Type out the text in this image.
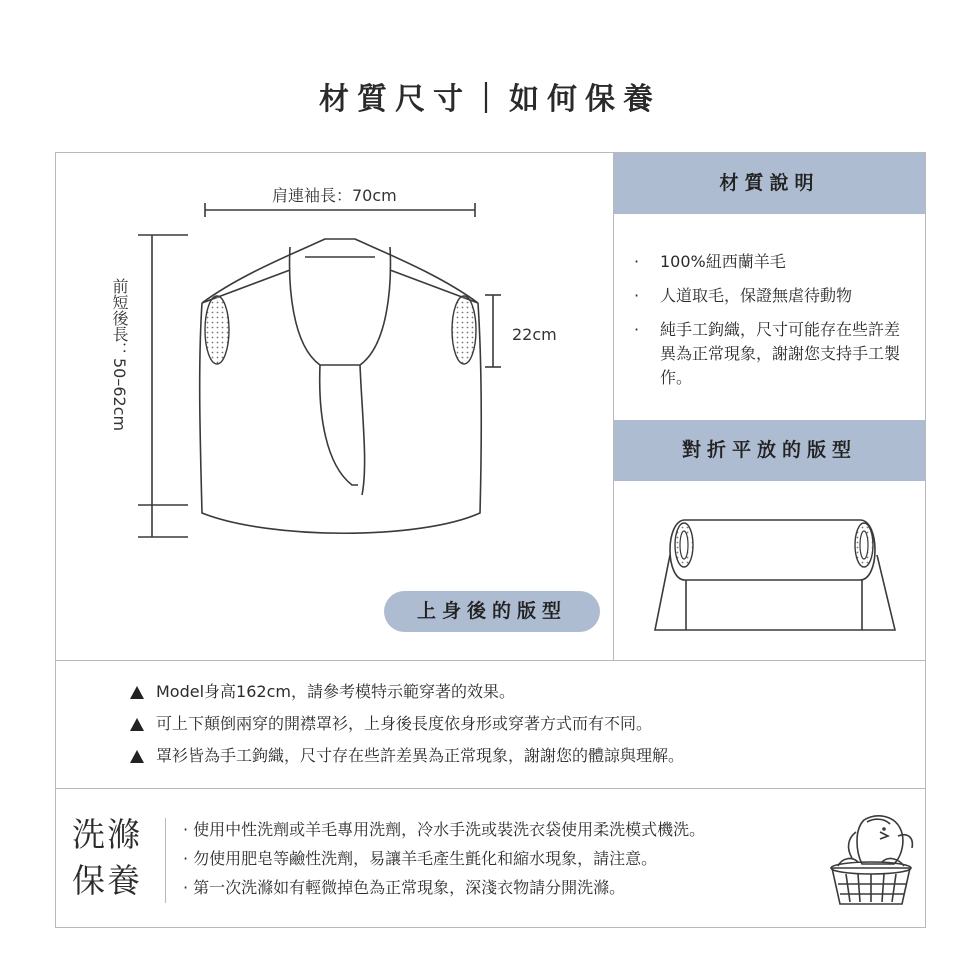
材質尺寸｜如何保養
肩連袖長：70cm
22cm
前短後長：50–62cm
上身後的版型
材質說明
· 100%紐西蘭羊毛
· 人道取毛，保證無虐待動物
· 純手工鉤織，尺寸可能存在些許差異為正常現象，謝謝您支持手工製作。
對折平放的版型
Model身高162cm，請參考模特示範穿著的效果。
可上下顛倒兩穿的開襟罩衫，上身後長度依身形或穿著方式而有不同。
罩衫皆為手工鉤織，尺寸存在些許差異為正常現象，謝謝您的體諒與理解。
洗滌
保養
· 使用中性洗劑或羊毛專用洗劑，冷水手洗或裝洗衣袋使用柔洗模式機洗。
· 勿使用肥皂等鹼性洗劑，易讓羊毛產生氈化和縮水現象，請注意。
· 第一次洗滌如有輕微掉色為正常現象，深淺衣物請分開洗滌。
